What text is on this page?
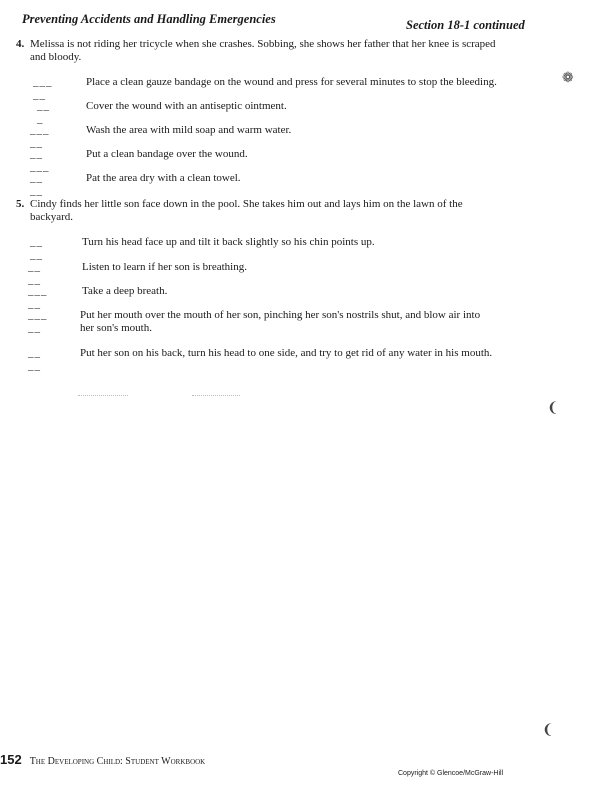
Preventing Accidents and Handling Emergencies	Section 18-1 continued
4. Melissa is not riding her tricycle when she crashes. Sobbing, she shows her father that her knee is scraped
and bloody.
___ __
Place a clean gauze bandage on the wound and press for several minutes to stop the bleeding.
__ _
Cover the wound with an antiseptic ointment.
___ __
Wash the area with mild soap and warm water.
__ ___
Put a clean bandage over the wound.
__ __
Pat the area dry with a clean towel.
5. Cindy finds her little son face down in the pool. She takes him out and lays him on the lawn of the
backyard.
__ __
Turn his head face up and tilt it back slightly so his chin points up.
__ __
Listen to learn if her son is breathing.
___ __
Take a deep breath.
___ __
Put her mouth over the mouth of her son, pinching her son's nostrils shut, and blow air into
her son's mouth.
__ __
Put her son on his back, turn his head to one side, and try to get rid of any water in his mouth.
❁
❨
❨
152 The Developing Child: Student Workbook
Copyright © Glencoe/McGraw-Hill
